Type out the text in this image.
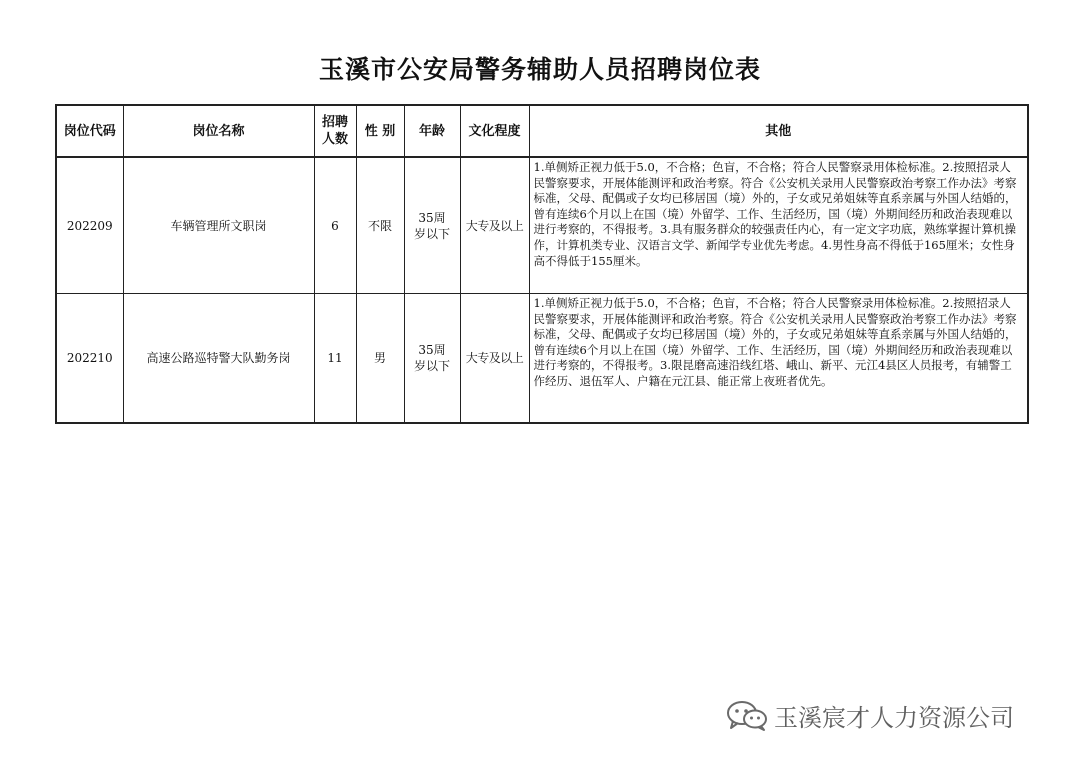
玉溪市公安局警务辅助人员招聘岗位表
岗位代码	岗位名称	招聘人数	性 别	年龄	文化程度	其他
202209	车辆管理所文职岗	6	不限	35周岁以下	大专及以上	1.单侧矫正视力低于5.0，不合格；色盲，不合格；符合人民警察录用体检标准。2.按照招录人民警察要求，开展体能测评和政治考察。符合《公安机关录用人民警察政治考察工作办法》考察标准，父母、配偶或子女均已移居国（境）外的，子女或兄弟姐妹等直系亲属与外国人结婚的，曾有连续6个月以上在国（境）外留学、工作、生活经历，国（境）外期间经历和政治表现难以进行考察的，不得报考。3.具有服务群众的较强责任内心，有一定文字功底，熟练掌握计算机操作，计算机类专业、汉语言文学、新闻学专业优先考虑。4.男性身高不得低于165厘米；女性身高不得低于155厘米。
202210	高速公路巡特警大队勤务岗	11	男	35周岁以下	大专及以上	1.单侧矫正视力低于5.0，不合格；色盲，不合格；符合人民警察录用体检标准。2.按照招录人民警察要求，开展体能测评和政治考察。符合《公安机关录用人民警察政治考察工作办法》考察标准，父母、配偶或子女均已移居国（境）外的，子女或兄弟姐妹等直系亲属与外国人结婚的，曾有连续6个月以上在国（境）外留学、工作、生活经历，国（境）外期间经历和政治表现难以进行考察的，不得报考。3.限昆磨高速沿线红塔、峨山、新平、元江4县区人员报考，有辅警工作经历、退伍军人、户籍在元江县、能正常上夜班者优先。
玉溪宸才人力资源公司
